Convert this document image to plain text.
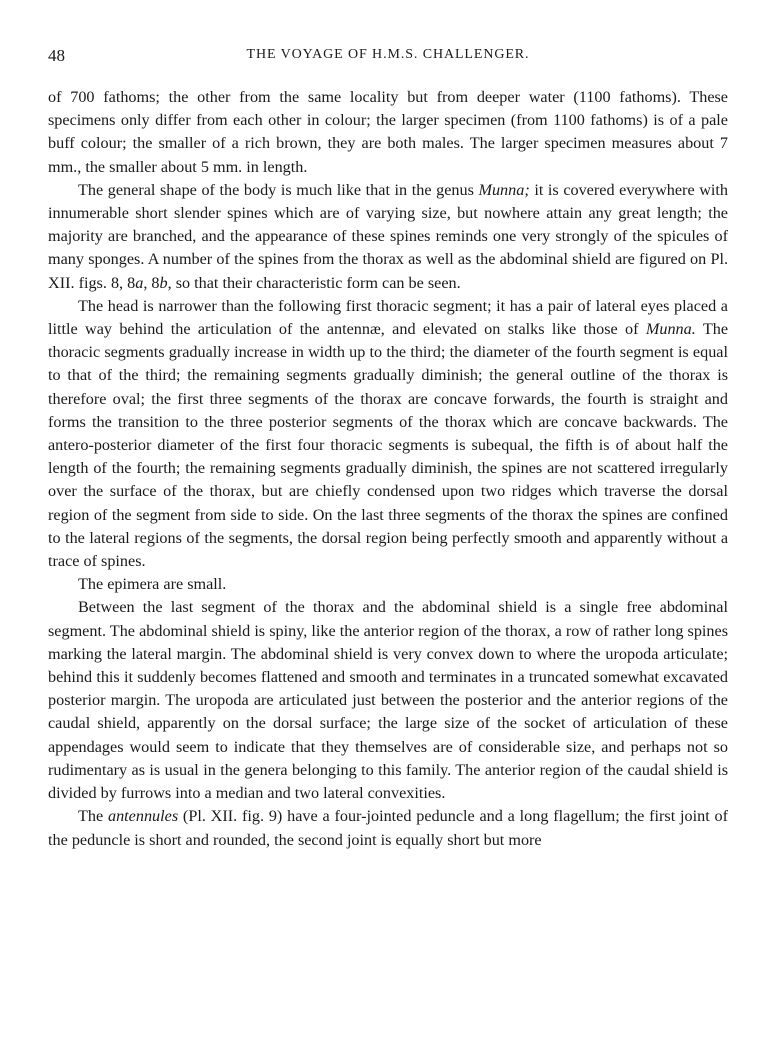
48	THE VOYAGE OF H.M.S. CHALLENGER.

of 700 fathoms; the other from the same locality but from deeper water (1100 fathoms). These specimens only differ from each other in colour; the larger specimen (from 1100 fathoms) is of a pale buff colour; the smaller of a rich brown, they are both males. The larger specimen measures about 7 mm., the smaller about 5 mm. in length.

The general shape of the body is much like that in the genus Munna; it is covered everywhere with innumerable short slender spines which are of varying size, but nowhere attain any great length; the majority are branched, and the appearance of these spines reminds one very strongly of the spicules of many sponges. A number of the spines from the thorax as well as the abdominal shield are figured on Pl. XII. figs. 8, 8a, 8b, so that their characteristic form can be seen.

The head is narrower than the following first thoracic segment; it has a pair of lateral eyes placed a little way behind the articulation of the antennæ, and elevated on stalks like those of Munna. The thoracic segments gradually increase in width up to the third; the diameter of the fourth segment is equal to that of the third; the remaining segments gradually diminish; the general outline of the thorax is therefore oval; the first three segments of the thorax are concave forwards, the fourth is straight and forms the transition to the three posterior segments of the thorax which are concave backwards. The antero-posterior diameter of the first four thoracic segments is subequal, the fifth is of about half the length of the fourth; the remaining segments gradually diminish, the spines are not scattered irregularly over the surface of the thorax, but are chiefly condensed upon two ridges which traverse the dorsal region of the segment from side to side. On the last three segments of the thorax the spines are confined to the lateral regions of the segments, the dorsal region being perfectly smooth and apparently without a trace of spines.

The epimera are small.

Between the last segment of the thorax and the abdominal shield is a single free abdominal segment. The abdominal shield is spiny, like the anterior region of the thorax, a row of rather long spines marking the lateral margin. The abdominal shield is very convex down to where the uropoda articulate; behind this it suddenly becomes flattened and smooth and terminates in a truncated somewhat excavated posterior margin. The uropoda are articulated just between the posterior and the anterior regions of the caudal shield, apparently on the dorsal surface; the large size of the socket of articulation of these appendages would seem to indicate that they themselves are of considerable size, and perhaps not so rudimentary as is usual in the genera belonging to this family. The anterior region of the caudal shield is divided by furrows into a median and two lateral convexities.

The antennules (Pl. XII. fig. 9) have a four-jointed peduncle and a long flagellum; the first joint of the peduncle is short and rounded, the second joint is equally short but more
